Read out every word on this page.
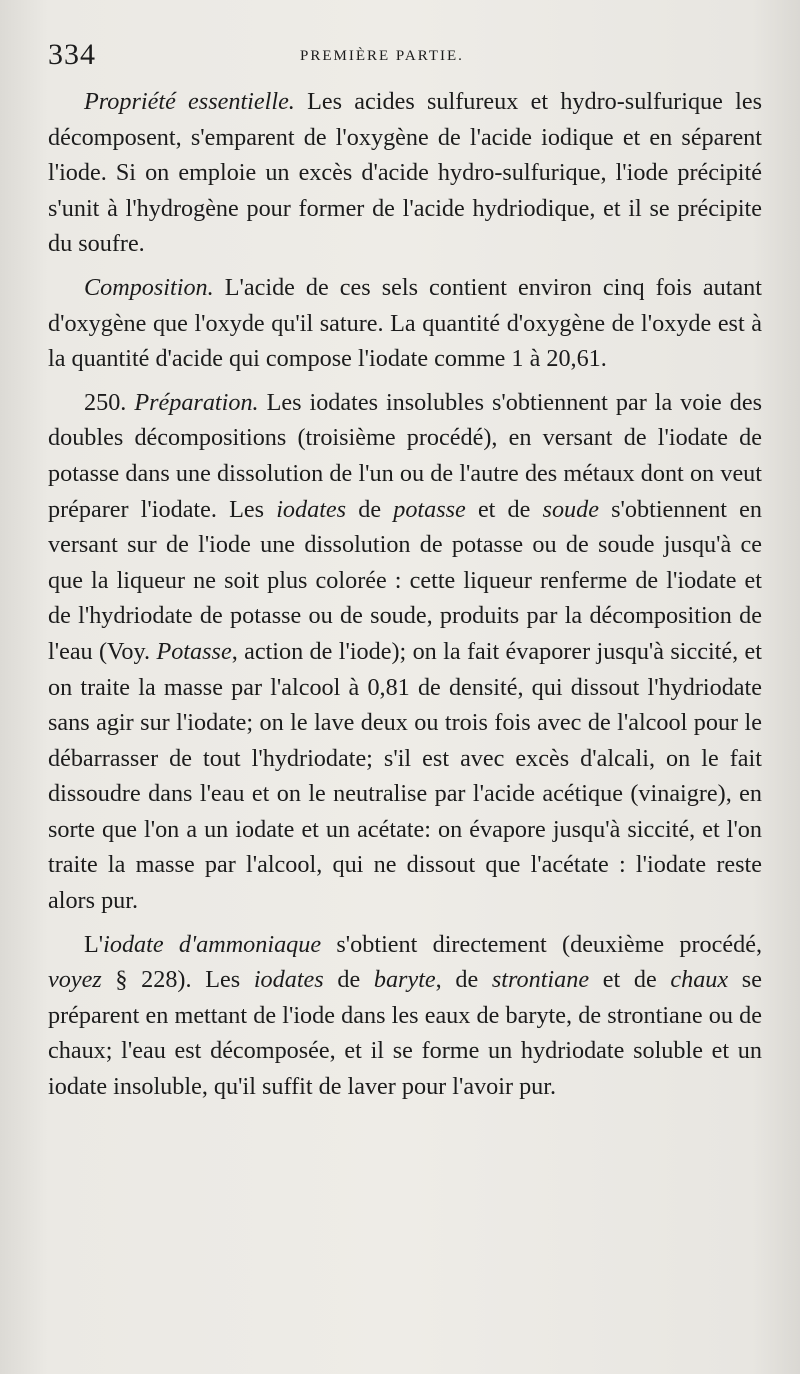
334	PREMIÈRE PARTIE.

Propriété essentielle. Les acides sulfureux et hydro-sulfurique les décomposent, s'emparent de l'oxygène de l'acide iodique et en séparent l'iode. Si on emploie un excès d'acide hydro-sulfurique, l'iode précipité s'unit à l'hydrogène pour former de l'acide hydriodique, et il se précipite du soufre.

Composition. L'acide de ces sels contient environ cinq fois autant d'oxygène que l'oxyde qu'il sature. La quantité d'oxygène de l'oxyde est à la quantité d'acide qui compose l'iodate comme 1 à 20,61.

250. Préparation. Les iodates insolubles s'obtiennent par la voie des doubles décompositions (troisième procédé), en versant de l'iodate de potasse dans une dissolution de l'un ou de l'autre des métaux dont on veut préparer l'iodate. Les iodates de potasse et de soude s'obtiennent en versant sur de l'iode une dissolution de potasse ou de soude jusqu'à ce que la liqueur ne soit plus colorée : cette liqueur renferme de l'iodate et de l'hydriodate de potasse ou de soude, produits par la décomposition de l'eau (Voy. Potasse, action de l'iode); on la fait évaporer jusqu'à siccité, et on traite la masse par l'alcool à 0,81 de densité, qui dissout l'hydriodate sans agir sur l'iodate; on le lave deux ou trois fois avec de l'alcool pour le débarrasser de tout l'hydriodate; s'il est avec excès d'alcali, on le fait dissoudre dans l'eau et on le neutralise par l'acide acétique (vinaigre), en sorte que l'on a un iodate et un acétate: on évapore jusqu'à siccité, et l'on traite la masse par l'alcool, qui ne dissout que l'acétate : l'iodate reste alors pur.

L'iodate d'ammoniaque s'obtient directement (deuxième procédé, voyez § 228). Les iodates de baryte, de strontiane et de chaux se préparent en mettant de l'iode dans les eaux de baryte, de strontiane ou de chaux; l'eau est décomposée, et il se forme un hydriodate soluble et un iodate insoluble, qu'il suffit de laver pour l'avoir pur.
